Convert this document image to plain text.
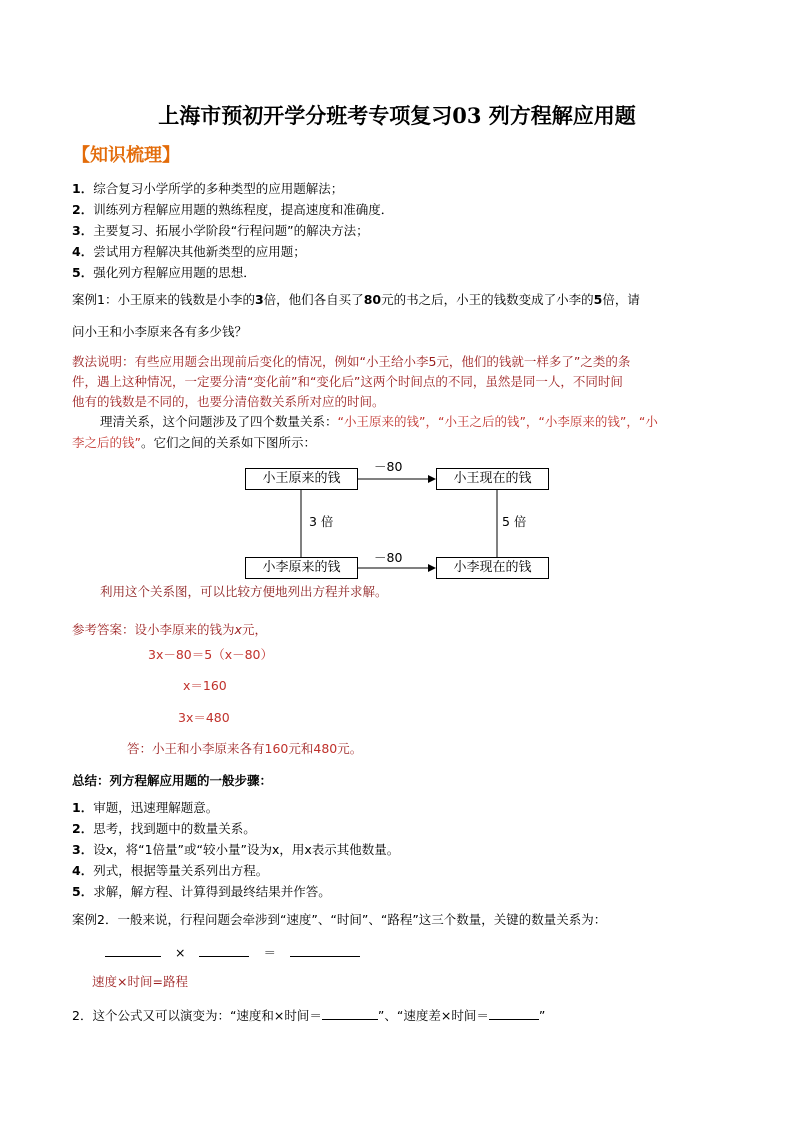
上海市预初开学分班考专项复习03 列方程解应用题
【知识梳理】
1．综合复习小学所学的多种类型的应用题解法；
2．训练列方程解应用题的熟练程度，提高速度和准确度．
3．主要复习、拓展小学阶段“行程问题”的解决方法；
4．尝试用方程解决其他新类型的应用题；
5．强化列方程解应用题的思想．
案例1：小王原来的钱数是小李的3倍，他们各自买了80元的书之后，小王的钱数变成了小李的5倍，请
问小王和小李原来各有多少钱？
教法说明：有些应用题会出现前后变化的情况，例如“小王给小李5元，他们的钱就一样多了”之类的条
件，遇上这种情况，一定要分清“变化前”和“变化后”这两个时间点的不同，虽然是同一人，不同时间
他有的钱数是不同的，也要分清倍数关系所对应的时间。
理清关系，这个问题涉及了四个数量关系：“小王原来的钱”，“小王之后的钱”，“小李原来的钱”，“小
李之后的钱”。它们之间的关系如下图所示：
小王原来的钱	小王现在的钱
小李原来的钱	小李现在的钱
－80
－80
3 倍	5 倍
利用这个关系图，可以比较方便地列出方程并求解。
参考答案：设小李原来的钱为x元，
3x－80＝5（x－80）
x＝160
3x＝480
答：小王和小李原来各有160元和480元。
总结：列方程解应用题的一般步骤：
1．审题，迅速理解题意。
2．思考，找到题中的数量关系。
3．设x，将“1倍量”或“较小量”设为x，用x表示其他数量。
4．列式，根据等量关系列出方程。
5．求解，解方程、计算得到最终结果并作答。
案例2．一般来说，行程问题会牵涉到“速度”、“时间”、“路程”这三个数量，关键的数量关系为：
×	＝
速度×时间=路程
2．这个公式又可以演变为：“速度和×时间＝	”、“速度差×时间＝	”
